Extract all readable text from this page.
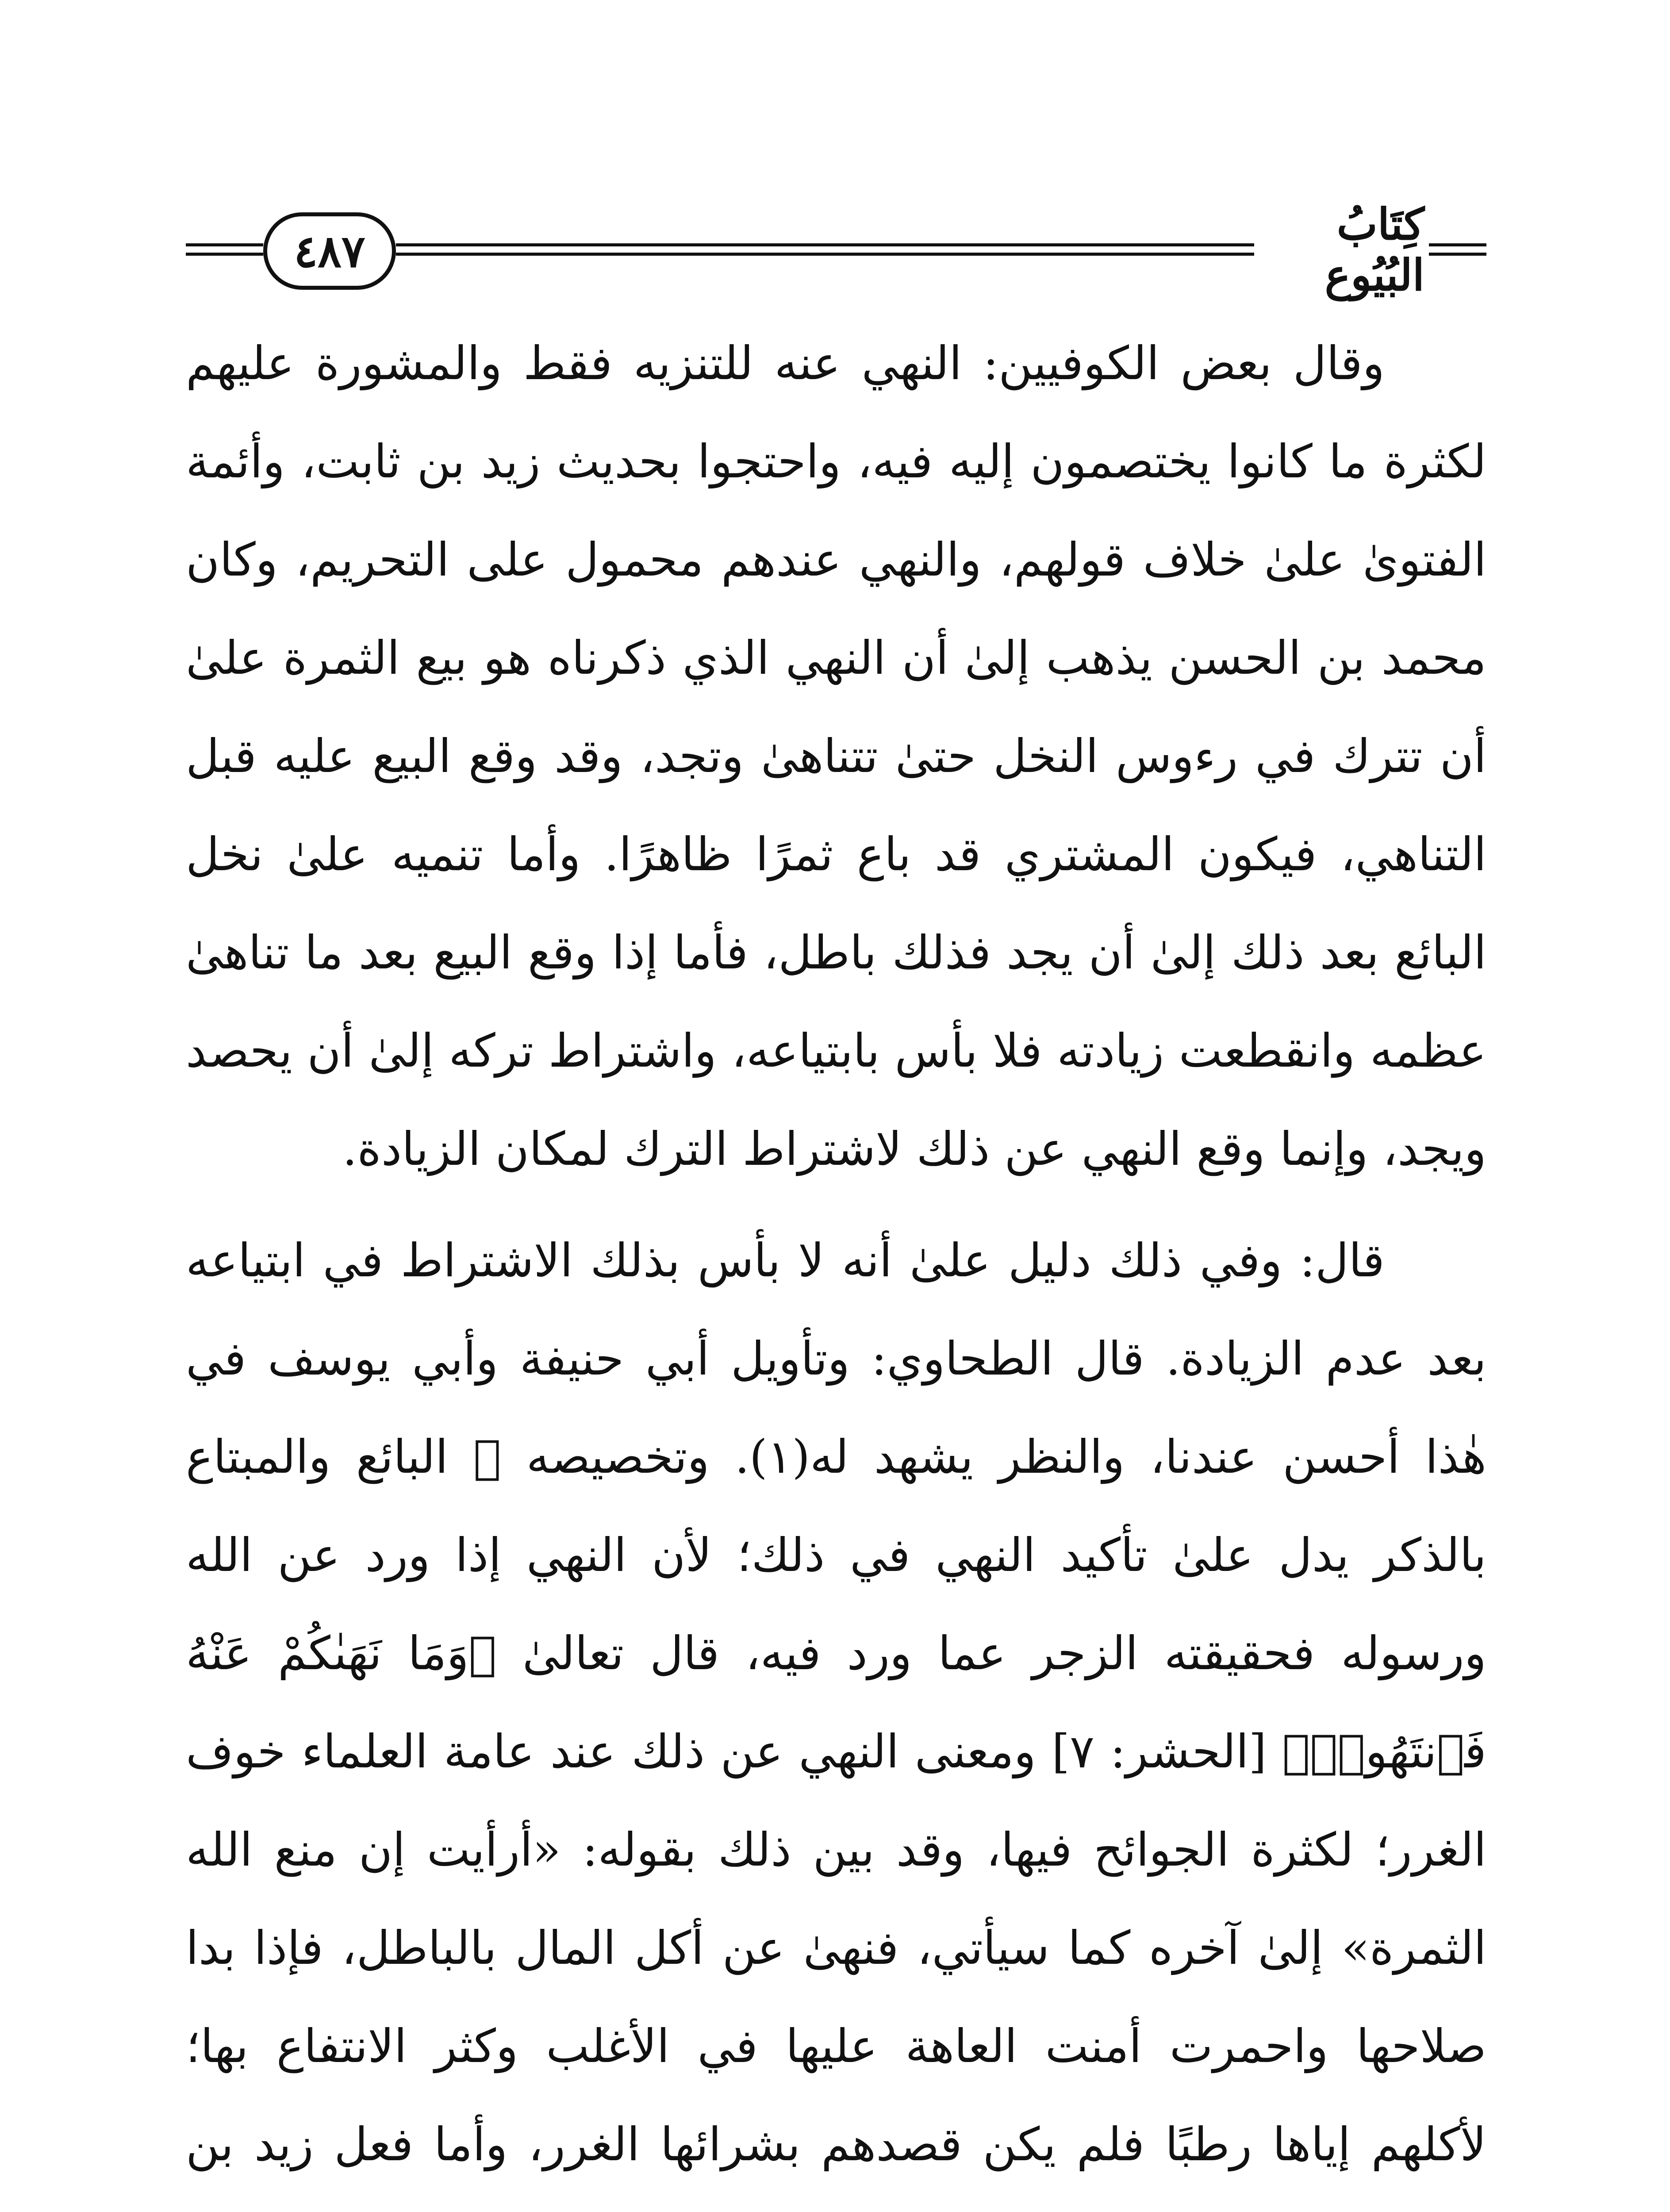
٤٨٧
كِتَابُ البُيُوع

وقال بعض الكوفيين: النهي عنه للتنزيه فقط والمشورة عليهم لكثرة ما كانوا يختصمون إليه فيه، واحتجوا بحديث زيد بن ثابت، وأئمة الفتوىٰ علىٰ خلاف قولهم، والنهي عندهم محمول على التحريم، وكان محمد بن الحسن يذهب إلىٰ أن النهي الذي ذكرناه هو بيع الثمرة علىٰ أن تترك في رءوس النخل حتىٰ تتناهىٰ وتجد، وقد وقع البيع عليه قبل التناهي، فيكون المشتري قد باع ثمرًا ظاهرًا. وأما تنميه علىٰ نخل البائع بعد ذلك إلىٰ أن يجد فذلك باطل، فأما إذا وقع البيع بعد ما تناهىٰ عظمه وانقطعت زيادته فلا بأس بابتياعه، واشتراط تركه إلىٰ أن يحصد ويجد، وإنما وقع النهي عن ذلك لاشتراط الترك لمكان الزيادة.

قال: وفي ذلك دليل علىٰ أنه لا بأس بذلك الاشتراط في ابتياعه بعد عدم الزيادة. قال الطحاوي: وتأويل أبي حنيفة وأبي يوسف في هٰذا أحسن عندنا، والنظر يشهد له(١). وتخصيصه ﷺ البائع والمبتاع بالذكر يدل علىٰ تأكيد النهي في ذلك؛ لأن النهي إذا ورد عن الله ورسوله فحقيقته الزجر عما ورد فيه، قال تعالىٰ ﴿وَمَا نَهَىٰكُمْ عَنْهُ فَٱنتَهُوا۟﴾ [الحشر: ٧] ومعنى النهي عن ذلك عند عامة العلماء خوف الغرر؛ لكثرة الجوائح فيها، وقد بين ذلك بقوله: «أرأيت إن منع الله الثمرة» إلىٰ آخره كما سيأتي، فنهىٰ عن أكل المال بالباطل، فإذا بدا صلاحها واحمرت أمنت العاهة عليها في الأغلب وكثر الانتفاع بها؛ لأكلهم إياها رطبًا فلم يكن قصدهم بشرائها الغرر، وأما فعل زيد بن
